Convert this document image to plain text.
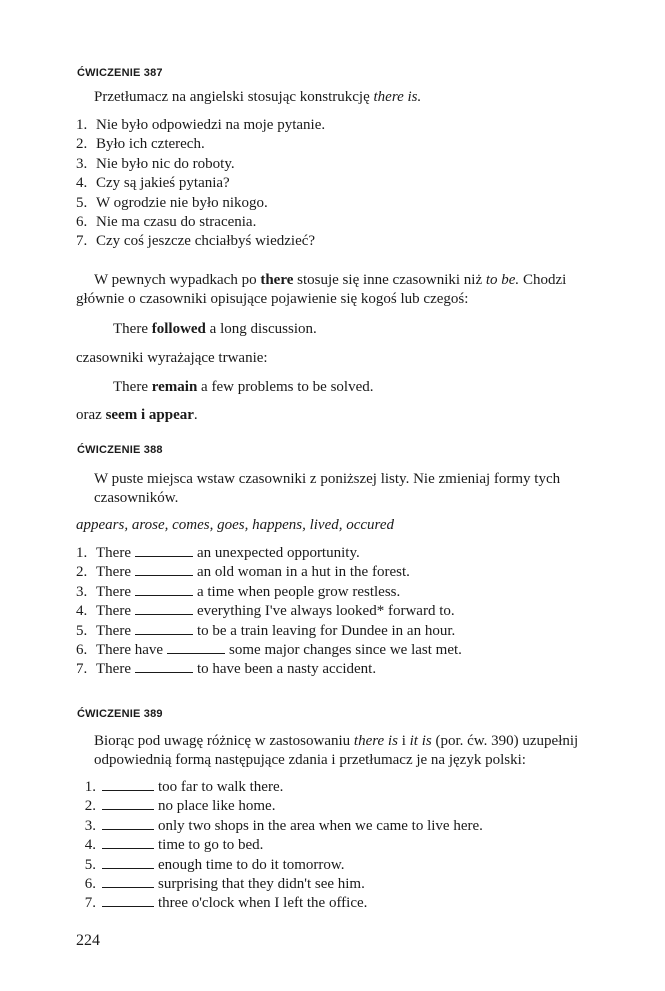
ĆWICZENIE 387
Przetłumacz na angielski stosując konstrukcję there is.
1. Nie było odpowiedzi na moje pytanie.
2. Było ich czterech.
3. Nie było nic do roboty.
4. Czy są jakieś pytania?
5. W ogrodzie nie było nikogo.
6. Nie ma czasu do stracenia.
7. Czy coś jeszcze chciałbyś wiedzieć?
W pewnych wypadkach po there stosuje się inne czasowniki niż to be. Chodzi
głównie o czasowniki opisujące pojawienie się kogoś lub czegoś:
There followed a long discussion.
czasowniki wyrażające trwanie:
There remain a few problems to be solved.
oraz seem i appear.
ĆWICZENIE 388
W puste miejsca wstaw czasowniki z poniższej listy. Nie zmieniaj formy tych
czasowników.
appears, arose, comes, goes, happens, lived, occured
1. There	an unexpected opportunity.
2. There	an old woman in a hut in the forest.
3. There	a time when people grow restless.
4. There	everything I've always looked* forward to.
5. There	to be a train leaving for Dundee in an hour.
6. There have	some major changes since we last met.
7. There	to have been a nasty accident.
ĆWICZENIE 389
Biorąc pod uwagę różnicę w zastosowaniu there is i it is (por. ćw. 390) uzupełnij
odpowiednią formą następujące zdania i przetłumacz je na język polski:
1.	too far to walk there.
2.	no place like home.
3.	only two shops in the area when we came to live here.
4.	time to go to bed.
5.	enough time to do it tomorrow.
6.	surprising that they didn't see him.
7.	three o'clock when I left the office.
224
